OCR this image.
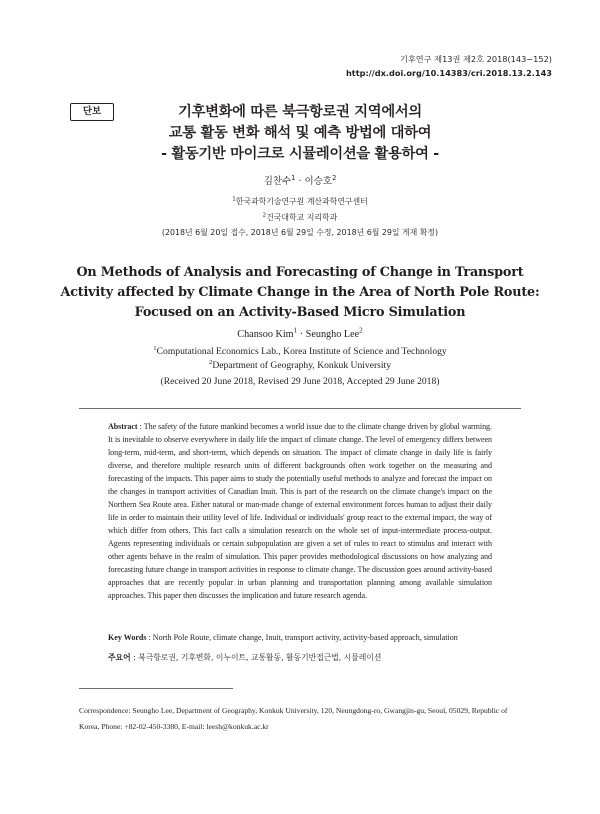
기후연구 제13권 제2호 2018(143−152)
http://dx.doi.org/10.14383/cri.2018.13.2.143
단보	기후변화에 따른 북극항로권 지역에서의
교통 활동 변화 해석 및 예측 방법에 대하여
- 활동기반 마이크로 시뮬레이션을 활용하여 -
김찬수$^1$ · 이승호$^2$
$^1$한국과학기술연구원 계산과학연구센터
$^2$건국대학교 지리학과
(2018년 6월 20일 접수, 2018년 6월 29일 수정, 2018년 6월 29일 게재 확정)
On Methods of Analysis and Forecasting of Change in Transport
Activity affected by Climate Change in the Area of North Pole Route:
Focused on an Activity-Based Micro Simulation
Chansoo Kim$^1$ · Seungho Lee$^2$
$^1$Computational Economics Lab., Korea Institute of Science and Technology
$^2$Department of Geography, Konkuk University
(Received 20 June 2018, Revised 29 June 2018, Accepted 29 June 2018)
Abstract : The safety of the future mankind becomes a world issue due to the climate change driven by global warming. It is inevitable to observe everywhere in daily life the impact of climate change. The level of emergency differs between long-term, mid-term, and short-term, which depends on situation. The impact of climate change in daily life is fairly diverse, and therefore multiple research units of different backgrounds often work together on the measuring and forecasting of the impacts. This paper aims to study the potentially useful methods to analyze and forecast the impact on the changes in transport activities of Canadian Inuit. This is part of the research on the climate change's impact on the Northern Sea Route area. Either natural or man-made change of external environment forces human to adjust their daily life in order to maintain their utility level of life. Individual or individuals' group react to the external impact, the way of which differ from others. This fact calls a simulation research on the whole set of input-intermediate process-output. Agents representing individuals or certain subpopulation are given a set of rules to react to stimulus and interact with other agents behave in the realm of simulation. This paper provides methodological discussions on how analyzing and forecasting future change in transport activities in response to climate change. The discussion goes around activity-based approaches that are recently popular in urban planning and transportation planning among available simulation approaches. This paper then discusses the implication and future research agenda.
Key Words : North Pole Route, climate change, Inuit, transport activity, activity-based approach, simulation
주요어 : 북극항로권, 기후변화, 이누이트, 교통활동, 활동기반접근법, 시뮬레이션
Correspondence: Seungho Lee, Department of Geography, Konkuk University, 120, Neungdong-ro, Gwangjin-gu, Seoul, 05029, Republic of Korea, Phone: +82-02-450-3380, E-mail: leesh@konkuk.ac.kr
